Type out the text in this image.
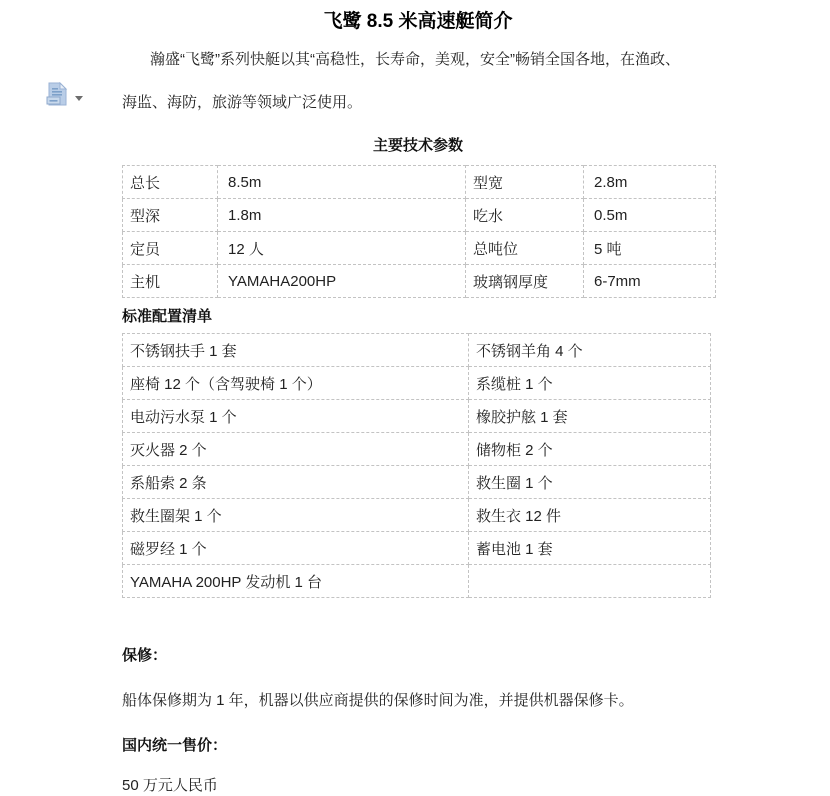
飞鹭 8.5 米高速艇简介
瀚盛“飞鹭”系列快艇以其“高稳性，长寿命，美观，安全”畅销全国各地，在渔政、
海监、海防，旅游等领域广泛使用。
主要技术参数
总长	8.5m	型宽	2.8m
型深	1.8m	吃水	0.5m
定员	12 人	总吨位	5 吨
主机	YAMAHA200HP	玻璃钢厚度	6-7mm
标准配置清单
不锈钢扶手 1 套	不锈钢羊角 4 个
座椅 12 个（含驾驶椅 1 个）	系缆桩 1 个
电动污水泵 1 个	橡胶护舷 1 套
灭火器 2 个	储物柜 2 个
系船索 2 条	救生圈 1 个
救生圈架 1 个	救生衣 12 件
磁罗经 1 个	蓄电池 1 套
YAMAHA 200HP 发动机 1 台	
保修：
船体保修期为 1 年，机器以供应商提供的保修时间为准，并提供机器保修卡。
国内统一售价：
50 万元人民币
